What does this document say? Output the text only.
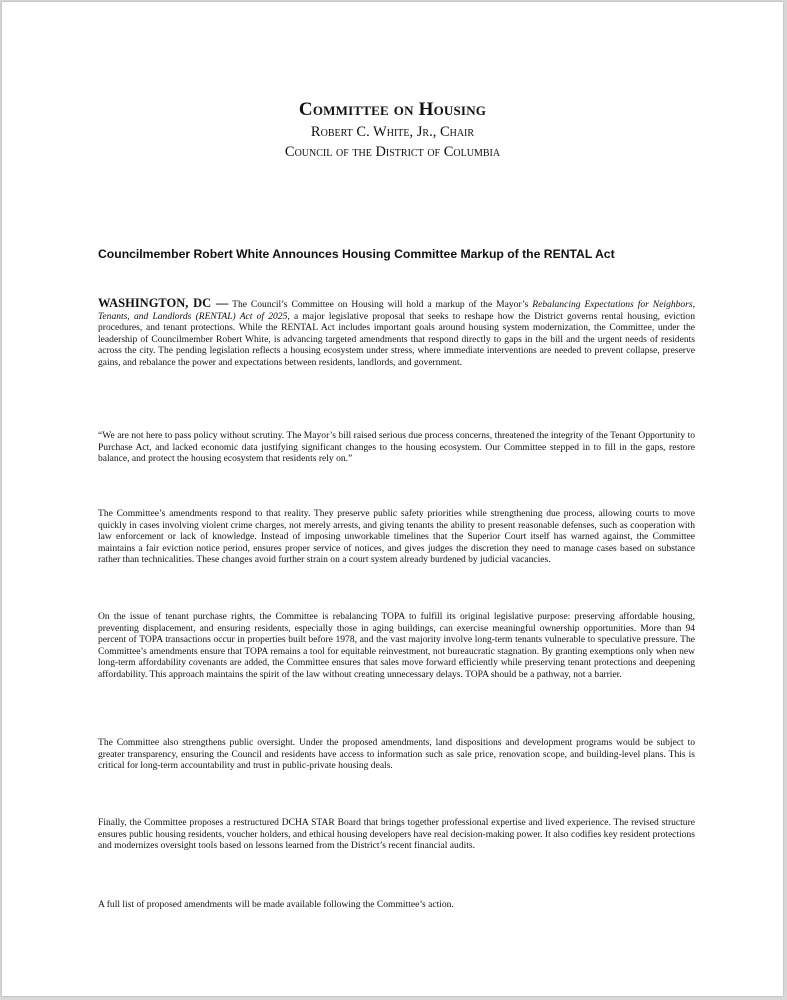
Committee on Housing
Robert C. White, Jr., Chair
Council of the District of Columbia
Councilmember Robert White Announces Housing Committee Markup of the RENTAL Act
WASHINGTON, DC — The Council’s Committee on Housing will hold a markup of the Mayor’s Rebalancing Expectations for Neighbors, Tenants, and Landlords (RENTAL) Act of 2025, a major legislative proposal that seeks to reshape how the District governs rental housing, eviction procedures, and tenant protections. While the RENTAL Act includes important goals around housing system modernization, the Committee, under the leadership of Councilmember Robert White, is advancing targeted amendments that respond directly to gaps in the bill and the urgent needs of residents across the city. The pending legislation reflects a housing ecosystem under stress, where immediate interventions are needed to prevent collapse, preserve gains, and rebalance the power and expectations between residents, landlords, and government.
“We are not here to pass policy without scrutiny. The Mayor’s bill raised serious due process concerns, threatened the integrity of the Tenant Opportunity to Purchase Act, and lacked economic data justifying significant changes to the housing ecosystem. Our Committee stepped in to fill in the gaps, restore balance, and protect the housing ecosystem that residents rely on.”
The Committee’s amendments respond to that reality. They preserve public safety priorities while strengthening due process, allowing courts to move quickly in cases involving violent crime charges, not merely arrests, and giving tenants the ability to present reasonable defenses, such as cooperation with law enforcement or lack of knowledge. Instead of imposing unworkable timelines that the Superior Court itself has warned against, the Committee maintains a fair eviction notice period, ensures proper service of notices, and gives judges the discretion they need to manage cases based on substance rather than technicalities. These changes avoid further strain on a court system already burdened by judicial vacancies.
On the issue of tenant purchase rights, the Committee is rebalancing TOPA to fulfill its original legislative purpose: preserving affordable housing, preventing displacement, and ensuring residents, especially those in aging buildings, can exercise meaningful ownership opportunities. More than 94 percent of TOPA transactions occur in properties built before 1978, and the vast majority involve long-term tenants vulnerable to speculative pressure. The Committee’s amendments ensure that TOPA remains a tool for equitable reinvestment, not bureaucratic stagnation. By granting exemptions only when new long-term affordability covenants are added, the Committee ensures that sales move forward efficiently while preserving tenant protections and deepening affordability. This approach maintains the spirit of the law without creating unnecessary delays. TOPA should be a pathway, not a barrier.
The Committee also strengthens public oversight. Under the proposed amendments, land dispositions and development programs would be subject to greater transparency, ensuring the Council and residents have access to information such as sale price, renovation scope, and building-level plans. This is critical for long-term accountability and trust in public-private housing deals.
Finally, the Committee proposes a restructured DCHA STAR Board that brings together professional expertise and lived experience. The revised structure ensures public housing residents, voucher holders, and ethical housing developers have real decision-making power. It also codifies key resident protections and modernizes oversight tools based on lessons learned from the District’s recent financial audits.
A full list of proposed amendments will be made available following the Committee’s action.
